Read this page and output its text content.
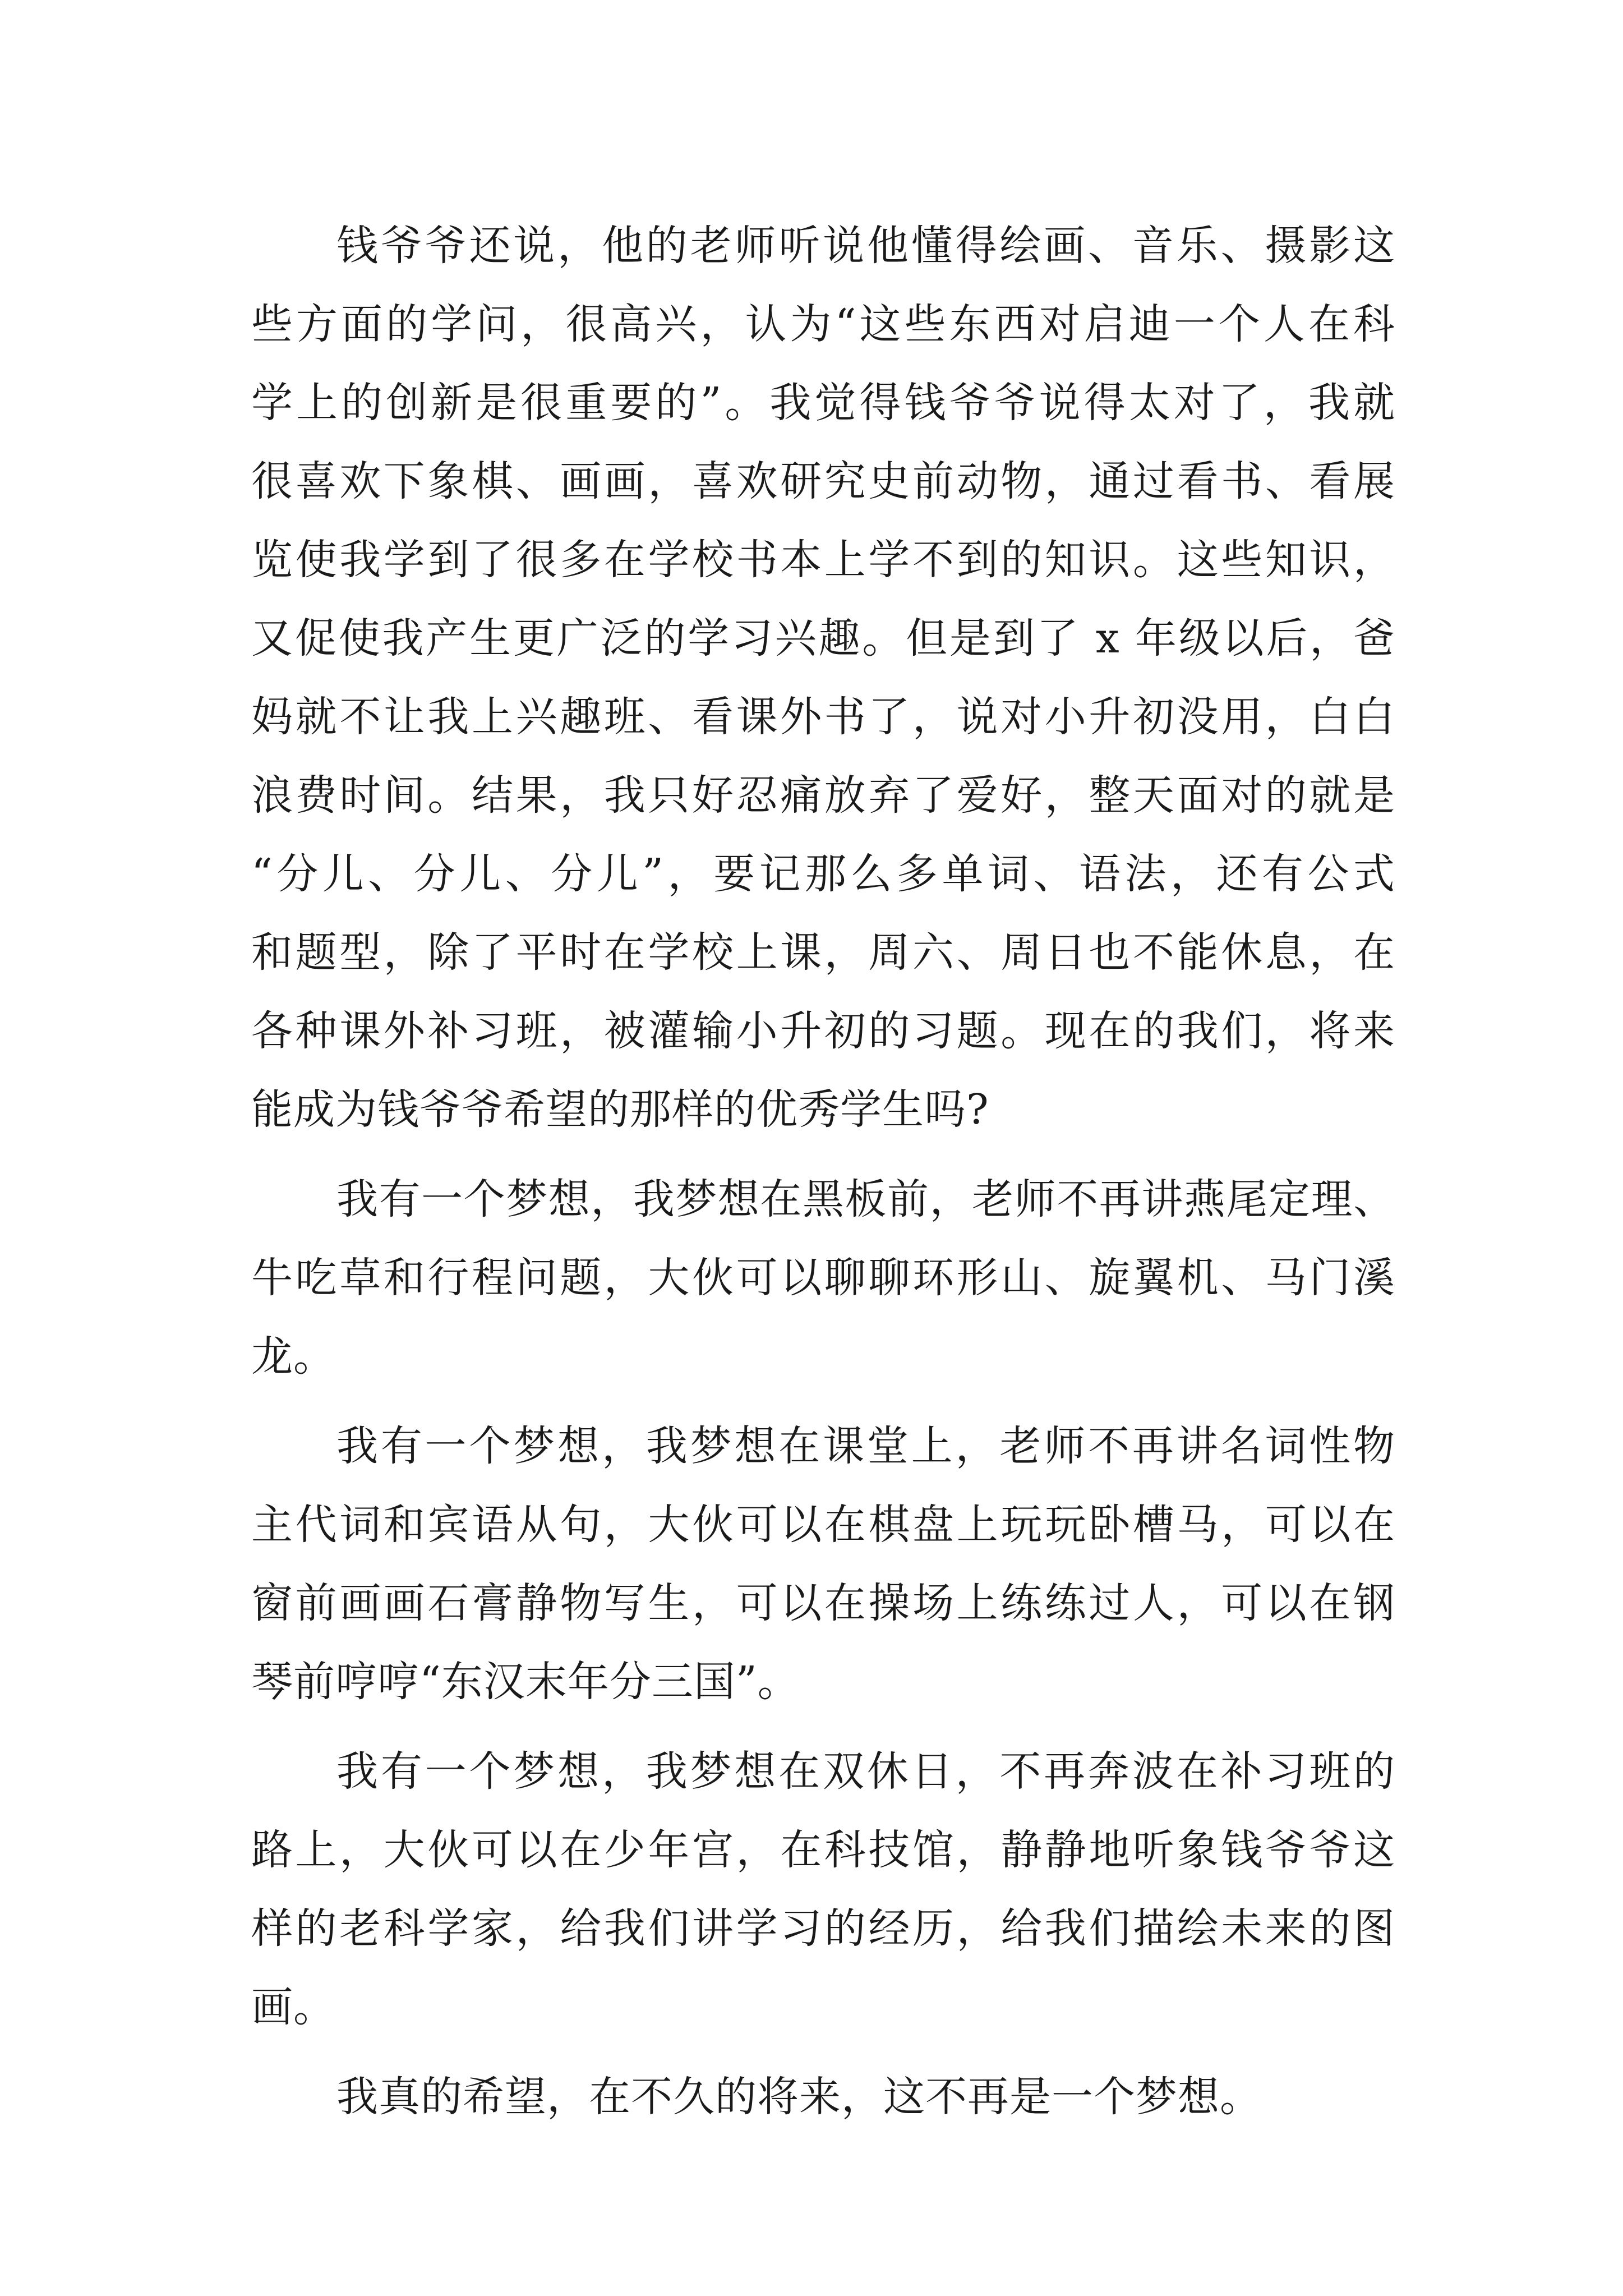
钱爷爷还说，他的老师听说他懂得绘画、音乐、摄影这

些方面的学问，很高兴，认为“这些东西对启迪一个人在科

学上的创新是很重要的”。我觉得钱爷爷说得太对了，我就

很喜欢下象棋、画画，喜欢研究史前动物，通过看书、看展

览使我学到了很多在学校书本上学不到的知识。这些知识，

又促使我产生更广泛的学习兴趣。但是到了 x 年级以后，爸

妈就不让我上兴趣班、看课外书了，说对小升初没用，白白

浪费时间。结果，我只好忍痛放弃了爱好，整天面对的就是

“分儿、分儿、分儿”，要记那么多单词、语法，还有公式

和题型，除了平时在学校上课，周六、周日也不能休息，在

各种课外补习班，被灌输小升初的习题。现在的我们，将来

能成为钱爷爷希望的那样的优秀学生吗?

我有一个梦想，我梦想在黑板前，老师不再讲燕尾定理、

牛吃草和行程问题，大伙可以聊聊环形山、旋翼机、马门溪

龙。

我有一个梦想，我梦想在课堂上，老师不再讲名词性物

主代词和宾语从句，大伙可以在棋盘上玩玩卧槽马，可以在

窗前画画石膏静物写生，可以在操场上练练过人，可以在钢

琴前哼哼“东汉末年分三国”。

我有一个梦想，我梦想在双休日，不再奔波在补习班的

路上，大伙可以在少年宫，在科技馆，静静地听象钱爷爷这

样的老科学家，给我们讲学习的经历，给我们描绘未来的图

画。

我真的希望，在不久的将来，这不再是一个梦想。
